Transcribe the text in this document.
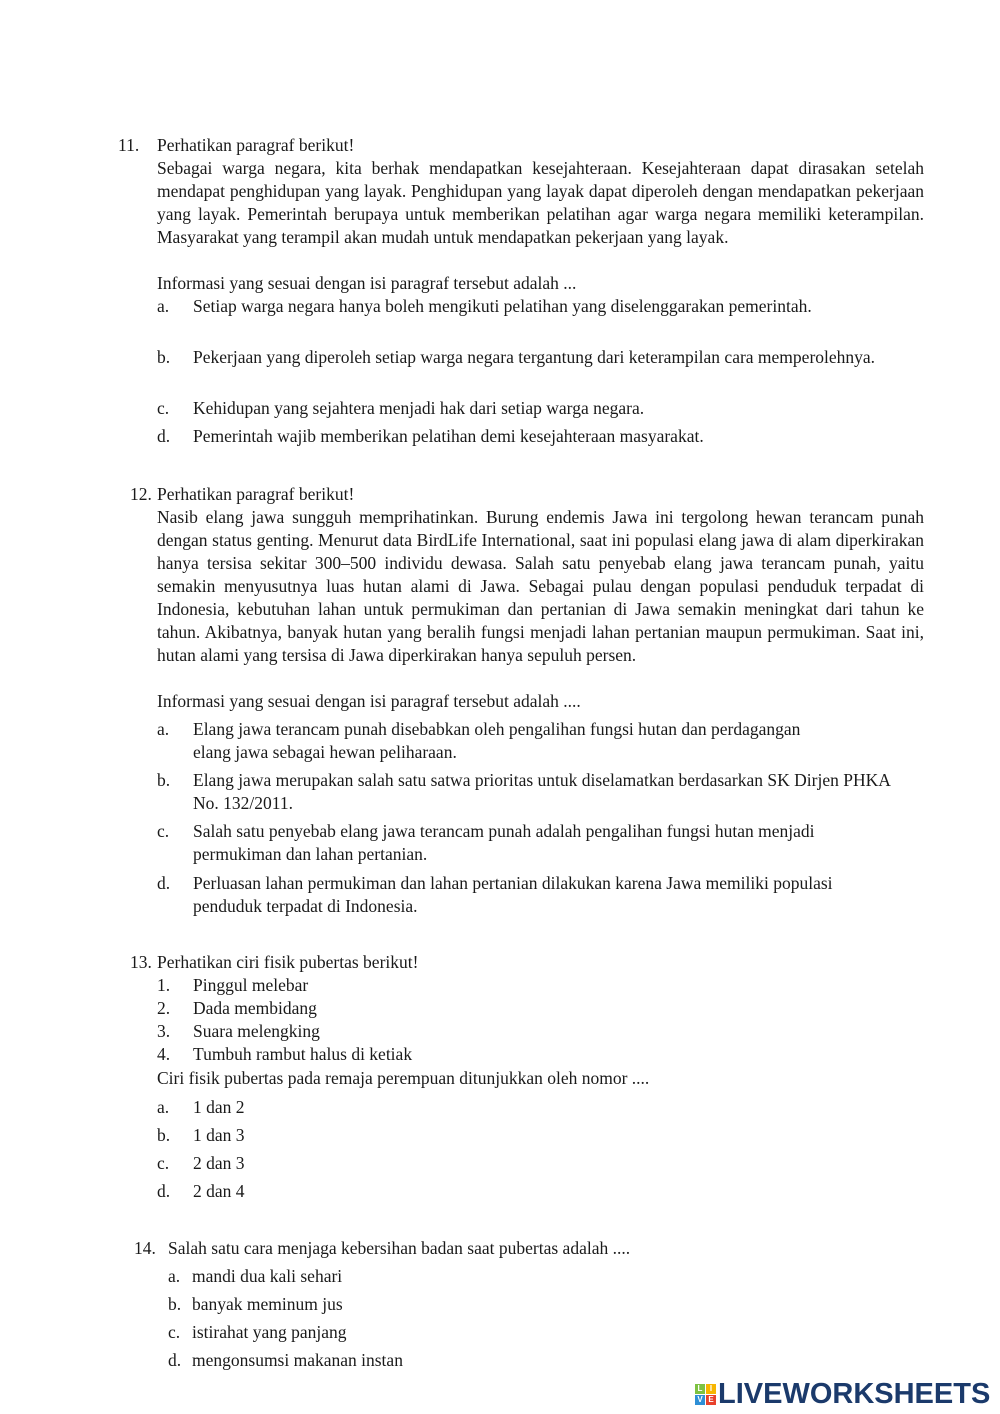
11. Perhatikan paragraf berikut!

Sebagai warga negara, kita berhak mendapatkan kesejahteraan. Kesejahteraan dapat dirasakan setelah mendapat penghidupan yang layak. Penghidupan yang layak dapat diperoleh dengan mendapatkan pekerjaan yang layak. Pemerintah berupaya untuk memberikan pelatihan agar warga negara memiliki keterampilan. Masyarakat yang terampil akan mudah untuk mendapatkan pekerjaan yang layak.

Informasi yang sesuai dengan isi paragraf tersebut adalah ...
a. Setiap warga negara hanya boleh mengikuti pelatihan yang diselenggarakan pemerintah.
b. Pekerjaan yang diperoleh setiap warga negara tergantung dari keterampilan cara memperolehnya.
c. Kehidupan yang sejahtera menjadi hak dari setiap warga negara.
d. Pemerintah wajib memberikan pelatihan demi kesejahteraan masyarakat.
12. Perhatikan paragraf berikut!

Nasib elang jawa sungguh memprihatinkan. Burung endemis Jawa ini tergolong hewan terancam punah dengan status genting. Menurut data BirdLife International, saat ini populasi elang jawa di alam diperkirakan hanya tersisa sekitar 300–500 individu dewasa. Salah satu penyebab elang jawa terancam punah, yaitu semakin menyusutnya luas hutan alami di Jawa. Sebagai pulau dengan populasi penduduk terpadat di Indonesia, kebutuhan lahan untuk permukiman dan pertanian di Jawa semakin meningkat dari tahun ke tahun. Akibatnya, banyak hutan yang beralih fungsi menjadi lahan pertanian maupun permukiman. Saat ini, hutan alami yang tersisa di Jawa diperkirakan hanya sepuluh persen.

Informasi yang sesuai dengan isi paragraf tersebut adalah ....
a. Elang jawa terancam punah disebabkan oleh pengalihan fungsi hutan dan perdagangan elang jawa sebagai hewan peliharaan.
b. Elang jawa merupakan salah satu satwa prioritas untuk diselamatkan berdasarkan SK Dirjen PHKA No. 132/2011.
c. Salah satu penyebab elang jawa terancam punah adalah pengalihan fungsi hutan menjadi permukiman dan lahan pertanian.
d. Perluasan lahan permukiman dan lahan pertanian dilakukan karena Jawa memiliki populasi penduduk terpadat di Indonesia.
13. Perhatikan ciri fisik pubertas berikut!
1. Pinggul melebar
2. Dada membidang
3. Suara melengking
4. Tumbuh rambut halus di ketiak
Ciri fisik pubertas pada remaja perempuan ditunjukkan oleh nomor ....
a. 1 dan 2
b. 1 dan 3
c. 2 dan 3
d. 2 dan 4
14. Salah satu cara menjaga kebersihan badan saat pubertas adalah ....
a. mandi dua kali sehari
b. banyak meminum jus
c. istirahat yang panjang
d. mengonsumsi makanan instan
L I
V E LIVEWORKSHEETS
